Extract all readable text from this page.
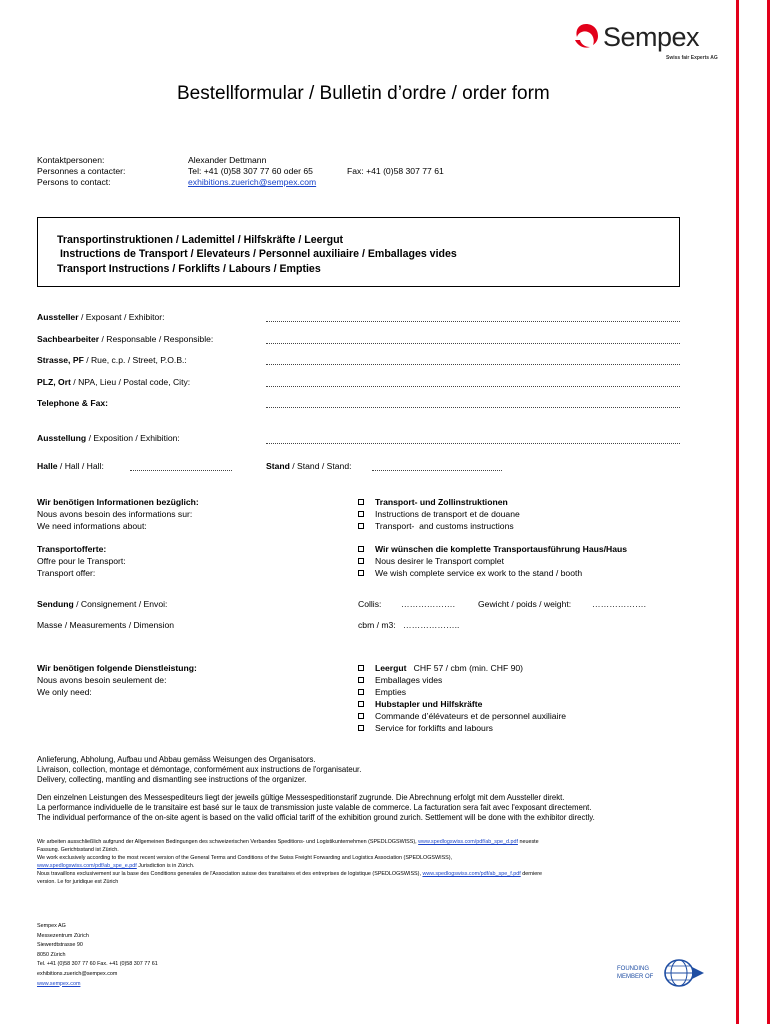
Sempex
Swiss fair Experts AG
Bestellformular / Bulletin d’ordre / order form
Kontaktpersonen:
Personnes a contacter:
Persons to contact:
Alexander Dettmann
Tel: +41 (0)58 307 77 60 oder 65	Fax: +41 (0)58 307 77 61
exhibitions.zuerich@sempex.com
Transportinstruktionen / Lademittel / Hilfskräfte / Leergut
Instructions de Transport / Elevateurs / Personnel auxiliaire / Emballages vides
Transport Instructions / Forklifts / Labours / Empties
Aussteller / Exposant / Exhibitor:
Sachbearbeiter / Responsable / Responsible:
Strasse, PF / Rue, c.p. / Street, P.O.B.:
PLZ, Ort / NPA, Lieu / Postal code, City:
Telephone & Fax:
Ausstellung / Exposition / Exhibition:
Halle / Hall / Hall:	Stand / Stand / Stand:
Wir benötigen Informationen bezüglich:
Nous avons besoin des informations sur:
We need informations about:
Transport- und Zollinstruktionen
Instructions de transport et de douane
Transport-  and customs instructions
Transportofferte:
Offre pour le Transport:
Transport offer:
Wir wünschen die komplette Transportausführung Haus/Haus
Nous desirer le Transport complet
We wish complete service ex work to the stand / booth
Sendung / Consignement / Envoi:	Collis: ……………….	Gewicht / poids / weight: ……………….
Masse / Measurements / Dimension	cbm / m3: ………………..
Wir benötigen folgende Dienstleistung:
Nous avons besoin seulement de:
We only need:
Leergut   CHF 57 / cbm (min. CHF 90)
Emballages vides
Empties
Hubstapler und Hilfskräfte
Commande d’élévateurs et de personnel auxiliaire
Service for forklifts and labours
Anlieferung, Abholung, Aufbau und Abbau gemäss Weisungen des Organisators.
Livraison, collection, montage et démontage, conformément aux instructions de l'organisateur.
Delivery, collecting, mantling and dismantling see instructions of the organizer.
Den einzelnen Leistungen des Messespediteurs liegt der jeweils gültige Messespeditionstarif zugrunde. Die Abrechnung erfolgt mit dem Aussteller direkt.
La performance individuelle de le transitaire est basé sur le taux de transmission juste valable de commerce. La facturation sera fait avec l'exposant directement.
The individual performance of the on-site agent is based on the valid official tariff of the exhibition ground zurich. Settlement will be done with the exhibitor directly.
Wir arbeiten ausschließlich aufgrund der Allgemeinen Bedingungen des schweizerischen Verbandes Speditions- und Logistikunternehmen (SPEDLOGSWISS), www.spedlogswiss.com/pdf/ab_spe_d.pdf neueste
Fassung. Gerichtsstand ist Zürich.
We work exclusively according to the most recent version of the General Terms and Conditions of the Swiss Freight Forwarding and Logistics Association (SPEDLOGSWISS),
www.spedlogswiss.com/pdf/ab_spe_e.pdf Jurisdiction is in Zürich.
Nous travaillons exclusivement sur la base des Conditions generales de l'Association suisse des transitaires et des entreprises de logistique (SPEDLOGSWISS), www.spedlogswiss.com/pdf/ab_spe_f.pdf derniere
version. Le for juridique est Zürich
Sempex AG
Messezentrum Zürich
Siewerdtstrasse 90
8050 Zürich
Tel. +41 (0)58 307 77 60 Fax. +41 (0)58 307 77 61
exhibitions.zuerich@sempex.com
www.sempex.com
FOUNDING
MEMBER OF
